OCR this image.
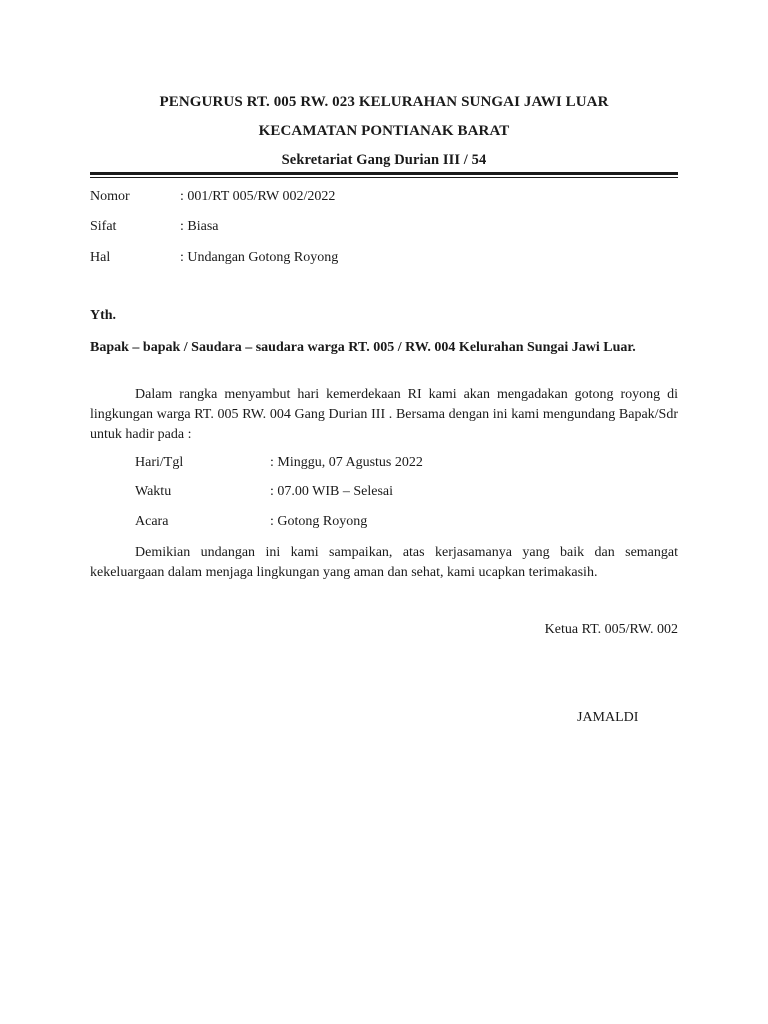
PENGURUS RT. 005 RW. 023 KELURAHAN SUNGAI JAWI LUAR
KECAMATAN PONTIANAK BARAT
Sekretariat Gang Durian III / 54
Nomor	: 001/RT 005/RW 002/2022
Sifat	: Biasa
Hal	: Undangan Gotong Royong
Yth.

Bapak – bapak / Saudara – saudara warga RT. 005 / RW. 004 Kelurahan Sungai Jawi Luar.

Dalam rangka menyambut hari kemerdekaan RI kami akan mengadakan gotong royong di lingkungan warga RT. 005 RW. 004 Gang Durian III . Bersama dengan ini kami mengundang Bapak/Sdr untuk hadir pada :

Hari/Tgl	: Minggu, 07 Agustus 2022
Waktu	: 07.00 WIB – Selesai
Acara	: Gotong Royong

Demikian undangan ini kami sampaikan, atas kerjasamanya yang baik dan semangat kekeluargaan dalam menjaga lingkungan yang aman dan sehat, kami ucapkan terimakasih.

Ketua RT. 005/RW. 002
JAMALDI
